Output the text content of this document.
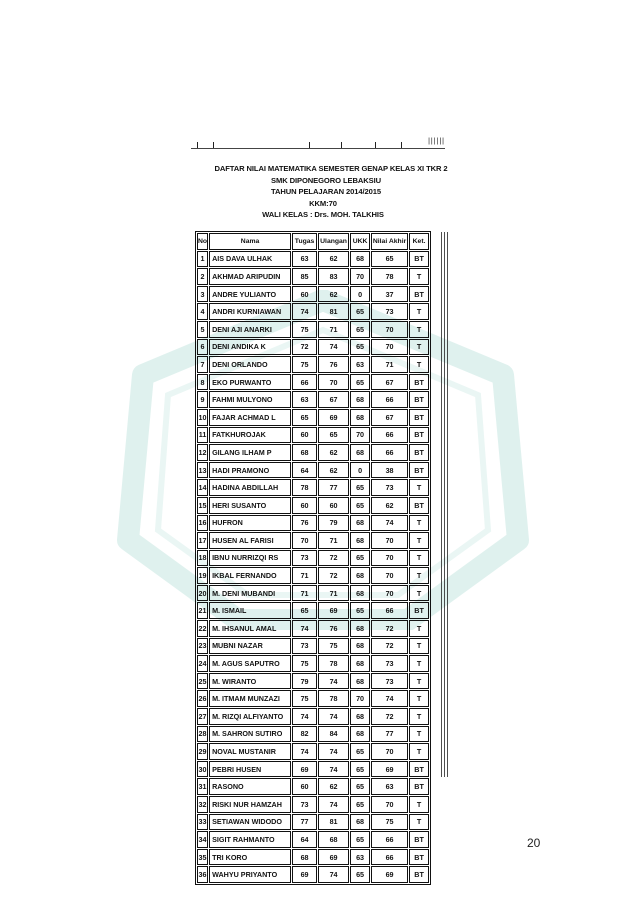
||||||
DAFTAR NILAI MATEMATIKA SEMESTER GENAP KELAS XI TKR 2
SMK DIPONEGORO LEBAKSIU
TAHUN PELAJARAN 2014/2015
KKM:70
WALI KELAS : Drs. MOH. TALKHIS
No	Nama	Tugas	Ulangan	UKK	Nilai Akhir	Ket.
1	AIS DAVA ULHAK	63	62	68	65	BT
2	AKHMAD ARIPUDIN	85	83	70	78	T
3	ANDRE YULIANTO	60	62	0	37	BT
4	ANDRI KURNIAWAN	74	81	65	73	T
5	DENI AJI ANARKI	75	71	65	70	T
6	DENI ANDIKA K	72	74	65	70	T
7	DENI ORLANDO	75	76	63	71	T
8	EKO PURWANTO	66	70	65	67	BT
9	FAHMI MULYONO	63	67	68	66	BT
10	FAJAR ACHMAD L	65	69	68	67	BT
11	FATKHUROJAK	60	65	70	66	BT
12	GILANG ILHAM P	68	62	68	66	BT
13	HADI PRAMONO	64	62	0	38	BT
14	HADINA ABDILLAH	78	77	65	73	T
15	HERI SUSANTO	60	60	65	62	BT
16	HUFRON	76	79	68	74	T
17	HUSEN AL FARISI	70	71	68	70	T
18	IBNU NURRIZQI RS	73	72	65	70	T
19	IKBAL FERNANDO	71	72	68	70	T
20	M. DENI MUBANDI	71	71	68	70	T
21	M. ISMAIL	65	69	65	66	BT
22	M. IHSANUL AMAL	74	76	68	72	T
23	MUBNI NAZAR	73	75	68	72	T
24	M. AGUS SAPUTRO	75	78	68	73	T
25	M. WIRANTO	79	74	68	73	T
26	M. ITMAM MUNZAZI	75	78	70	74	T
27	M. RIZQI ALFIYANTO	74	74	68	72	T
28	M. SAHRON SUTIRO	82	84	68	77	T
29	NOVAL MUSTANIR	74	74	65	70	T
30	PEBRI HUSEN	69	74	65	69	BT
31	RASONO	60	62	65	63	BT
32	RISKI NUR HAMZAH	73	74	65	70	T
33	SETIAWAN WIDODO	77	81	68	75	T
34	SIGIT RAHMANTO	64	68	65	66	BT
35	TRI KORO	68	69	63	66	BT
36	WAHYU PRIYANTO	69	74	65	69	BT
20
